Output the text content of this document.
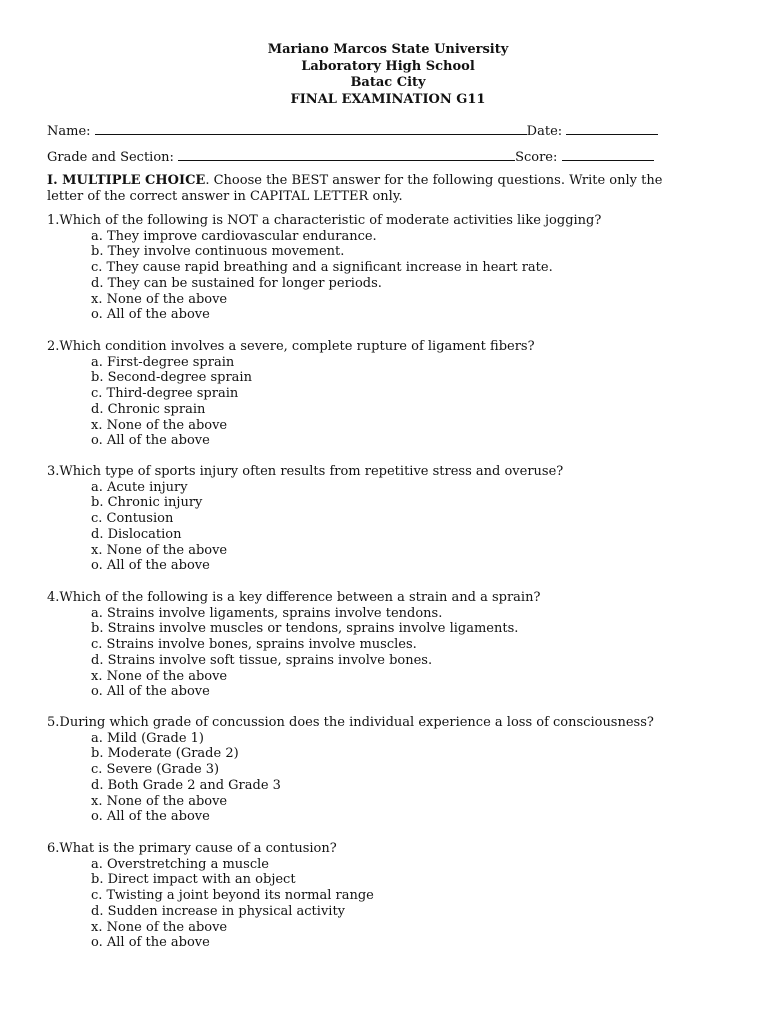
Mariano Marcos State University
Laboratory High School
Batac City
FINAL EXAMINATION G11
Name:	Date:
Grade and Section:	Score:
I. MULTIPLE CHOICE. Choose the BEST answer for the following questions. Write only the letter of the correct answer in CAPITAL LETTER only.
1.Which of the following is NOT a characteristic of moderate activities like jogging?
a. They improve cardiovascular endurance.
b. They involve continuous movement.
c. They cause rapid breathing and a significant increase in heart rate.
d. They can be sustained for longer periods.
x. None of the above
o. All of the above
2.Which condition involves a severe, complete rupture of ligament fibers?
a. First-degree sprain
b. Second-degree sprain
c. Third-degree sprain
d. Chronic sprain
x. None of the above
o. All of the above
3.Which type of sports injury often results from repetitive stress and overuse?
a. Acute injury
b. Chronic injury
c. Contusion
d. Dislocation
x. None of the above
o. All of the above
4.Which of the following is a key difference between a strain and a sprain?
a. Strains involve ligaments, sprains involve tendons.
b. Strains involve muscles or tendons, sprains involve ligaments.
c. Strains involve bones, sprains involve muscles.
d. Strains involve soft tissue, sprains involve bones.
x. None of the above
o. All of the above
5.During which grade of concussion does the individual experience a loss of consciousness?
a. Mild (Grade 1)
b. Moderate (Grade 2)
c. Severe (Grade 3)
d. Both Grade 2 and Grade 3
x. None of the above
o. All of the above
6.What is the primary cause of a contusion?
a. Overstretching a muscle
b. Direct impact with an object
c. Twisting a joint beyond its normal range
d. Sudden increase in physical activity
x. None of the above
o. All of the above
